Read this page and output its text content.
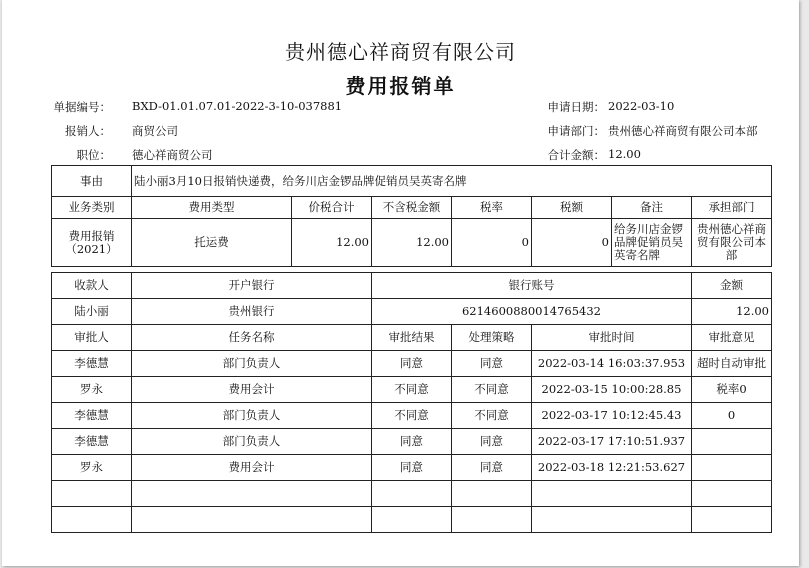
贵州德心祥商贸有限公司
费用报销单
单据编号： BXD-01.01.07.01-2022-3-10-037881
报销人： 商贸公司
职位： 德心祥商贸公司
申请日期： 2022-03-10
申请部门： 贵州德心祥商贸有限公司本部
合计金额： 12.00
事由	陆小丽3月10日报销快递费，给务川店金锣品牌促销员吴英寄名牌						
业务类别	费用类型	价税合计	不含税金额	税率	税额	备注	承担部门
费用报销（2021）	托运费	12.00	12.00	0	0	给务川店金锣品牌促销员吴英寄名牌	贵州德心祥商贸有限公司本部
收款人	开户银行	银行账号			金额
陆小丽	贵州银行	6214600880014765432			12.00
审批人	任务名称	审批结果	处理策略	审批时间	审批意见
李德慧	部门负责人	同意	同意	2022-03-14 16:03:37.953	超时自动审批
罗永	费用会计	不同意	不同意	2022-03-15 10:00:28.85	税率0
李德慧	部门负责人	不同意	不同意	2022-03-17 10:12:45.43	0
李德慧	部门负责人	同意	同意	2022-03-17 17:10:51.937	
罗永	费用会计	同意	同意	2022-03-18 12:21:53.627	
